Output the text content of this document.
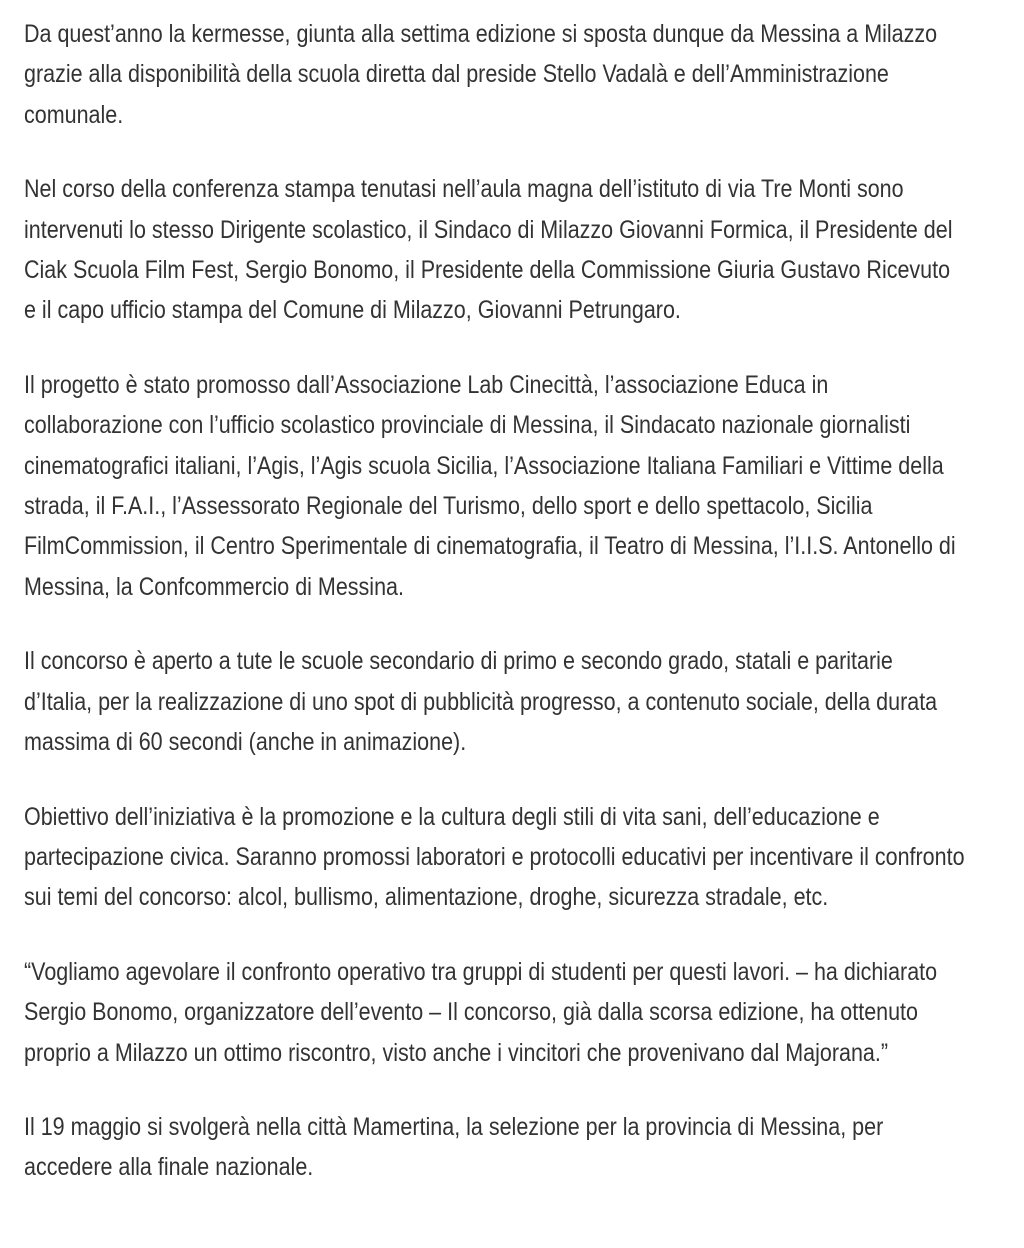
Da quest’anno la kermesse, giunta alla settima edizione si sposta dunque da Messina a Milazzo
grazie alla disponibilità della scuola diretta dal preside Stello Vadalà e dell’Amministrazione
comunale.

Nel corso della conferenza stampa tenutasi nell’aula magna dell’istituto di via Tre Monti sono
intervenuti lo stesso Dirigente scolastico, il Sindaco di Milazzo Giovanni Formica, il Presidente del
Ciak Scuola Film Fest, Sergio Bonomo, il Presidente della Commissione Giuria Gustavo Ricevuto
e il capo ufficio stampa del Comune di Milazzo, Giovanni Petrungaro.

Il progetto è stato promosso dall’Associazione Lab Cinecittà, l’associazione Educa in
collaborazione con l’ufficio scolastico provinciale di Messina, il Sindacato nazionale giornalisti
cinematografici italiani, l’Agis, l’Agis scuola Sicilia, l’Associazione Italiana Familiari e Vittime della
strada, il F.A.I., l’Assessorato Regionale del Turismo, dello sport e dello spettacolo, Sicilia
FilmCommission, il Centro Sperimentale di cinematografia, il Teatro di Messina, l’I.I.S. Antonello di
Messina, la Confcommercio di Messina.

Il concorso è aperto a tute le scuole secondario di primo e secondo grado, statali e paritarie
d’Italia, per la realizzazione di uno spot di pubblicità progresso, a contenuto sociale, della durata
massima di 60 secondi (anche in animazione).

Obiettivo dell’iniziativa è la promozione e la cultura degli stili di vita sani, dell’educazione e
partecipazione civica. Saranno promossi laboratori e protocolli educativi per incentivare il confronto
sui temi del concorso: alcol, bullismo, alimentazione, droghe, sicurezza stradale, etc.

“Vogliamo agevolare il confronto operativo tra gruppi di studenti per questi lavori. – ha dichiarato
Sergio Bonomo, organizzatore dell’evento – Il concorso, già dalla scorsa edizione, ha ottenuto
proprio a Milazzo un ottimo riscontro, visto anche i vincitori che provenivano dal Majorana.”

Il 19 maggio si svolgerà nella città Mamertina, la selezione per la provincia di Messina, per
accedere alla finale nazionale.
